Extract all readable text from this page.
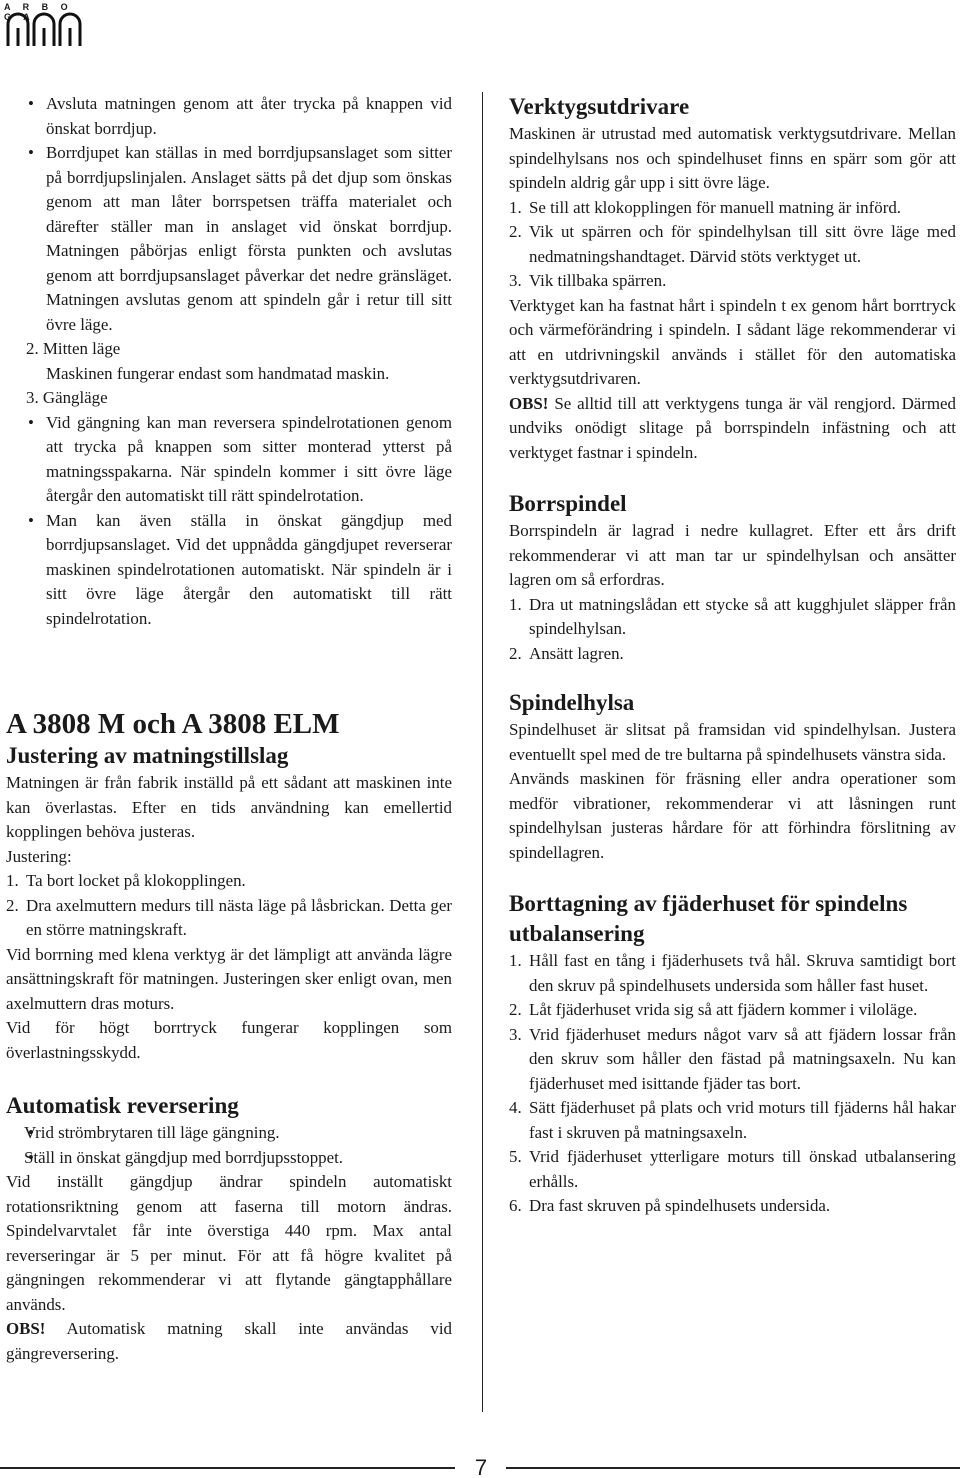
A R B O G A

• Avsluta matningen genom att åter trycka på knappen vid önskat borrdjup.

• Borrdjupet kan ställas in med borrdjupsanslaget som sitter på borrdjupslinjalen. Anslaget sätts på det djup som önskas genom att man låter borrspetsen träffa materialet och därefter ställer man in anslaget vid önskat borrdjup. Matningen påbörjas enligt första punkten och avslutas genom att borrdjupsanslaget påverkar det nedre gränsläget. Matningen avslutas genom att spindeln går i retur till sitt övre läge.

2. Mitten läge

Maskinen fungerar endast som handmatad maskin.

3. Gängläge

• Vid gängning kan man reversera spindelrotationen genom att trycka på knappen som sitter monterad ytterst på matningsspakarna. När spindeln kommer i sitt övre läge återgår den automatiskt till rätt spindelrotation.

• Man kan även ställa in önskat gängdjup med borrdjupsanslaget. Vid det uppnådda gängdjupet reverserar maskinen spindelrotationen automatiskt. När spindeln är i sitt övre läge återgår den automatiskt till rätt spindelrotation.

A 3808 M och A 3808 ELM
Justering av matningstillslag

Matningen är från fabrik inställd på ett sådant att maskinen inte kan överlastas. Efter en tids användning kan emellertid kopplingen behöva justeras.

Justering:

1. Ta bort locket på klokopplingen.

2. Dra axelmuttern medurs till nästa läge på låsbrickan. Detta ger en större matningskraft.

Vid borrning med klena verktyg är det lämpligt att använda lägre ansättningskraft för matningen. Justeringen sker enligt ovan, men axelmuttern dras moturs.

Vid för högt borrtryck fungerar kopplingen som överlastningsskydd.

Automatisk reversering

• Vrid strömbrytaren till läge gängning.

• Ställ in önskat gängdjup med borrdjupsstoppet.

Vid inställt gängdjup ändrar spindeln automatiskt rotationsriktning genom att faserna till motorn ändras. Spindelvarvtalet får inte överstiga 440 rpm. Max antal reverseringar är 5 per minut. För att få högre kvalitet på gängningen rekommenderar vi att flytande gängtapphållare används.

OBS! Automatisk matning skall inte användas vid gängreversering.

Verktygsutdrivare

Maskinen är utrustad med automatisk verktygsutdrivare. Mellan spindelhylsans nos och spindelhuset finns en spärr som gör att spindeln aldrig går upp i sitt övre läge.

1. Se till att klokopplingen för manuell matning är införd.

2. Vik ut spärren och för spindelhylsan till sitt övre läge med nedmatningshandtaget. Därvid stöts verktyget ut.

3. Vik tillbaka spärren.

Verktyget kan ha fastnat hårt i spindeln t ex genom hårt borrtryck och värmeförändring i spindeln. I sådant läge rekommenderar vi att en utdrivningskil används i stället för den automatiska verktygsutdrivaren.

OBS! Se alltid till att verktygens tunga är väl rengjord. Därmed undviks onödigt slitage på borrspindeln infästning och att verktyget fastnar i spindeln.

Borrspindel

Borrspindeln är lagrad i nedre kullagret. Efter ett års drift rekommenderar vi att man tar ur spindelhylsan och ansätter lagren om så erfordras.

1. Dra ut matningslådan ett stycke så att kugghjulet släpper från spindelhylsan.

2. Ansätt lagren.

Spindelhylsa

Spindelhuset är slitsat på framsidan vid spindelhylsan. Justera eventuellt spel med de tre bultarna på spindelhusets vänstra sida.

Används maskinen för fräsning eller andra operationer som medför vibrationer, rekommenderar vi att låsningen runt spindelhylsan justeras hårdare för att förhindra förslitning av spindellagren.

Borttagning av fjäderhuset för spindelns utbalansering

1. Håll fast en tång i fjäderhusets två hål. Skruva samtidigt bort den skruv på spindelhusets undersida som håller fast huset.

2. Låt fjäderhuset vrida sig så att fjädern kommer i viloläge.

3. Vrid fjäderhuset medurs något varv så att fjädern lossar från den skruv som håller den fästad på matningsaxeln. Nu kan fjäderhuset med isittande fjäder tas bort.

4. Sätt fjäderhuset på plats och vrid moturs till fjäderns hål hakar fast i skruven på matningsaxeln.

5. Vrid fjäderhuset ytterligare moturs till önskad utbalansering erhålls.

6. Dra fast skruven på spindelhusets undersida.

7
